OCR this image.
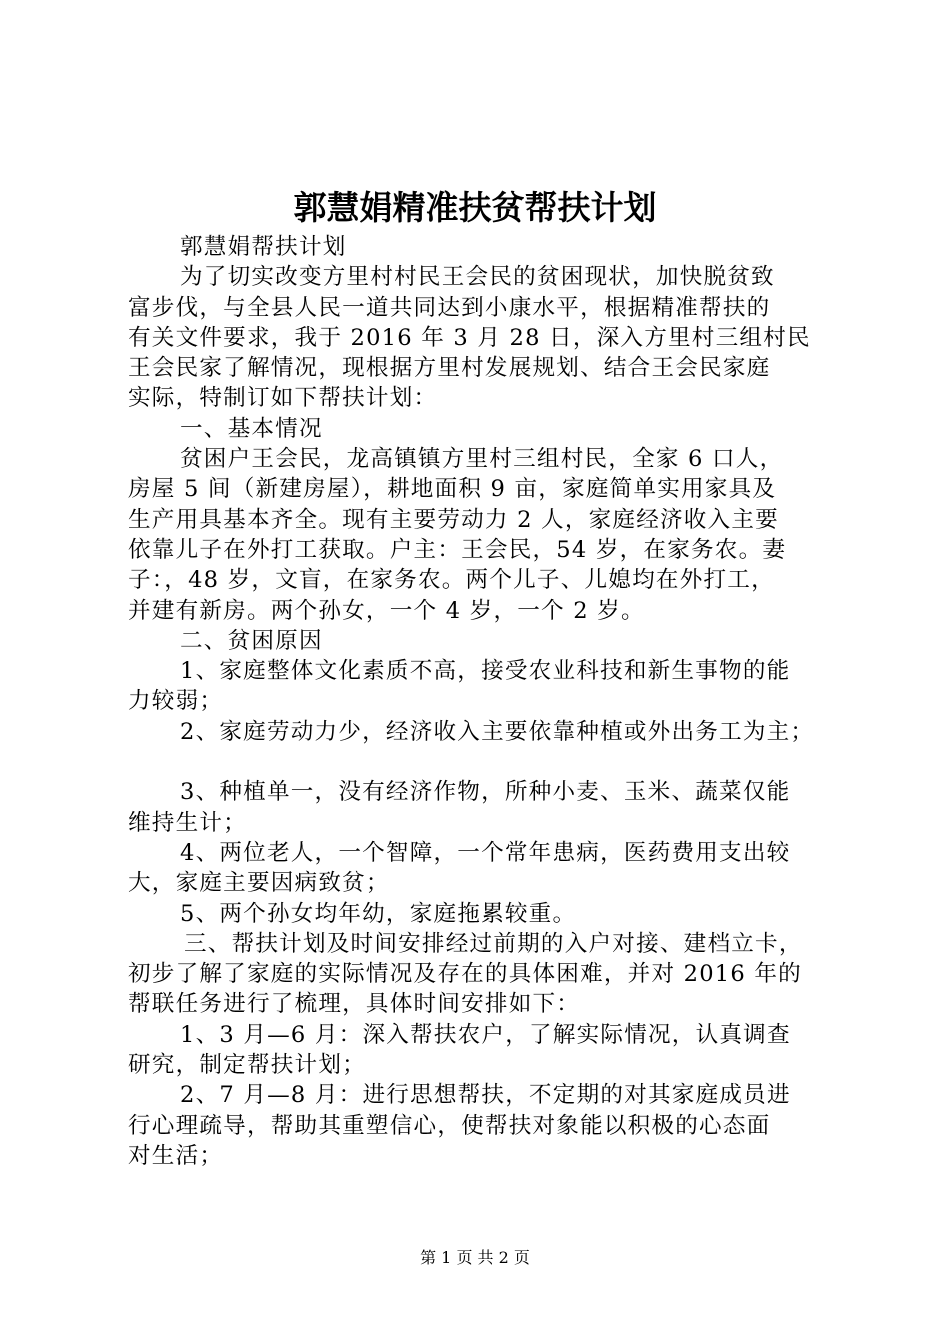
郭慧娟精准扶贫帮扶计划
郭慧娟帮扶计划
为了切实改变方里村村民王会民的贫困现状，加快脱贫致
富步伐，与全县人民一道共同达到小康水平，根据精准帮扶的
有关文件要求，我于 2016 年 3 月 28 日，深入方里村三组村民
王会民家了解情况，现根据方里村发展规划、结合王会民家庭
实际，特制订如下帮扶计划：
一、基本情况
贫困户王会民，龙高镇镇方里村三组村民，全家 6 口人，
房屋 5 间（新建房屋），耕地面积 9 亩，家庭简单实用家具及
生产用具基本齐全。现有主要劳动力 2 人，家庭经济收入主要
依靠儿子在外打工获取。户主：王会民，54 岁，在家务农。妻
子：，48 岁，文盲，在家务农。两个儿子、儿媳均在外打工，
并建有新房。两个孙女，一个 4 岁，一个 2 岁。
二、贫困原因
1、家庭整体文化素质不高，接受农业科技和新生事物的能
力较弱；
2、家庭劳动力少，经济收入主要依靠种植或外出务工为主；
3、种植单一，没有经济作物，所种小麦、玉米、蔬菜仅能
维持生计；
4、两位老人，一个智障，一个常年患病，医药费用支出较
大，家庭主要因病致贫；
5、两个孙女均年幼，家庭拖累较重。
三、帮扶计划及时间安排经过前期的入户对接、建档立卡，
初步了解了家庭的实际情况及存在的具体困难，并对 2016 年的
帮联任务进行了梳理，具体时间安排如下：
1、3 月—6 月：深入帮扶农户，了解实际情况，认真调查
研究，制定帮扶计划；
2、7 月—8 月：进行思想帮扶，不定期的对其家庭成员进
行心理疏导，帮助其重塑信心，使帮扶对象能以积极的心态面
对生活；
第 1 页 共 2 页
